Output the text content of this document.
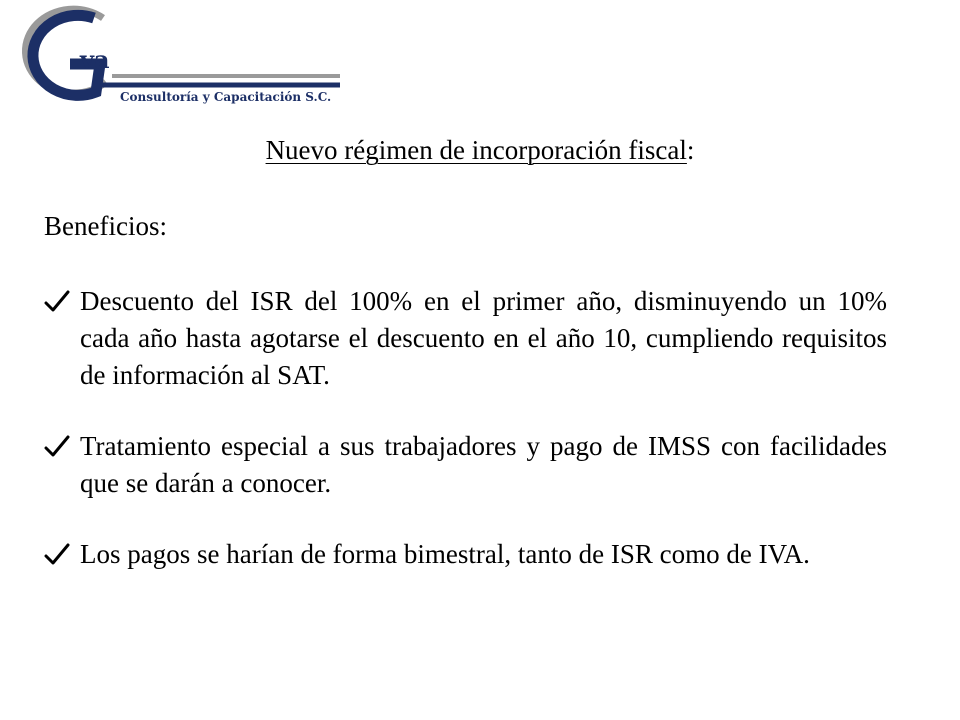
va
Consultoría y Capacitación S.C.
Nuevo régimen de incorporación fiscal:
Beneficios:
Descuento del ISR del 100% en el primer año, disminuyendo un 10% cada año hasta agotarse el descuento en el año 10, cumpliendo requisitos de información al SAT.
Tratamiento especial a sus trabajadores y pago de IMSS con facilidades que se darán a conocer.
Los pagos se harían de forma bimestral, tanto de ISR como de IVA.
